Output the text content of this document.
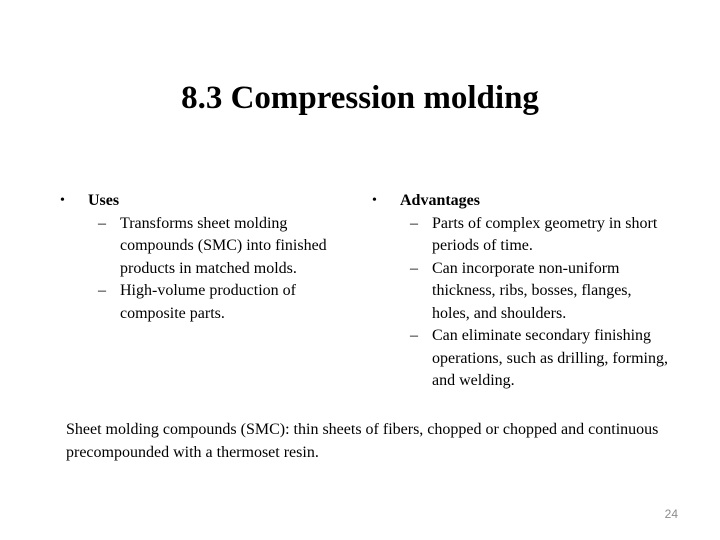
8.3 Compression molding
• Uses
– Transforms sheet molding compounds (SMC) into finished products in matched molds.
– High-volume production of composite parts.
• Advantages
– Parts of complex geometry in short periods of time.
– Can incorporate non-uniform thickness, ribs, bosses, flanges, holes, and shoulders.
– Can eliminate secondary finishing operations, such as drilling, forming, and welding.
Sheet molding compounds (SMC): thin sheets of fibers, chopped or chopped and continuous precompounded with a thermoset resin.
24
